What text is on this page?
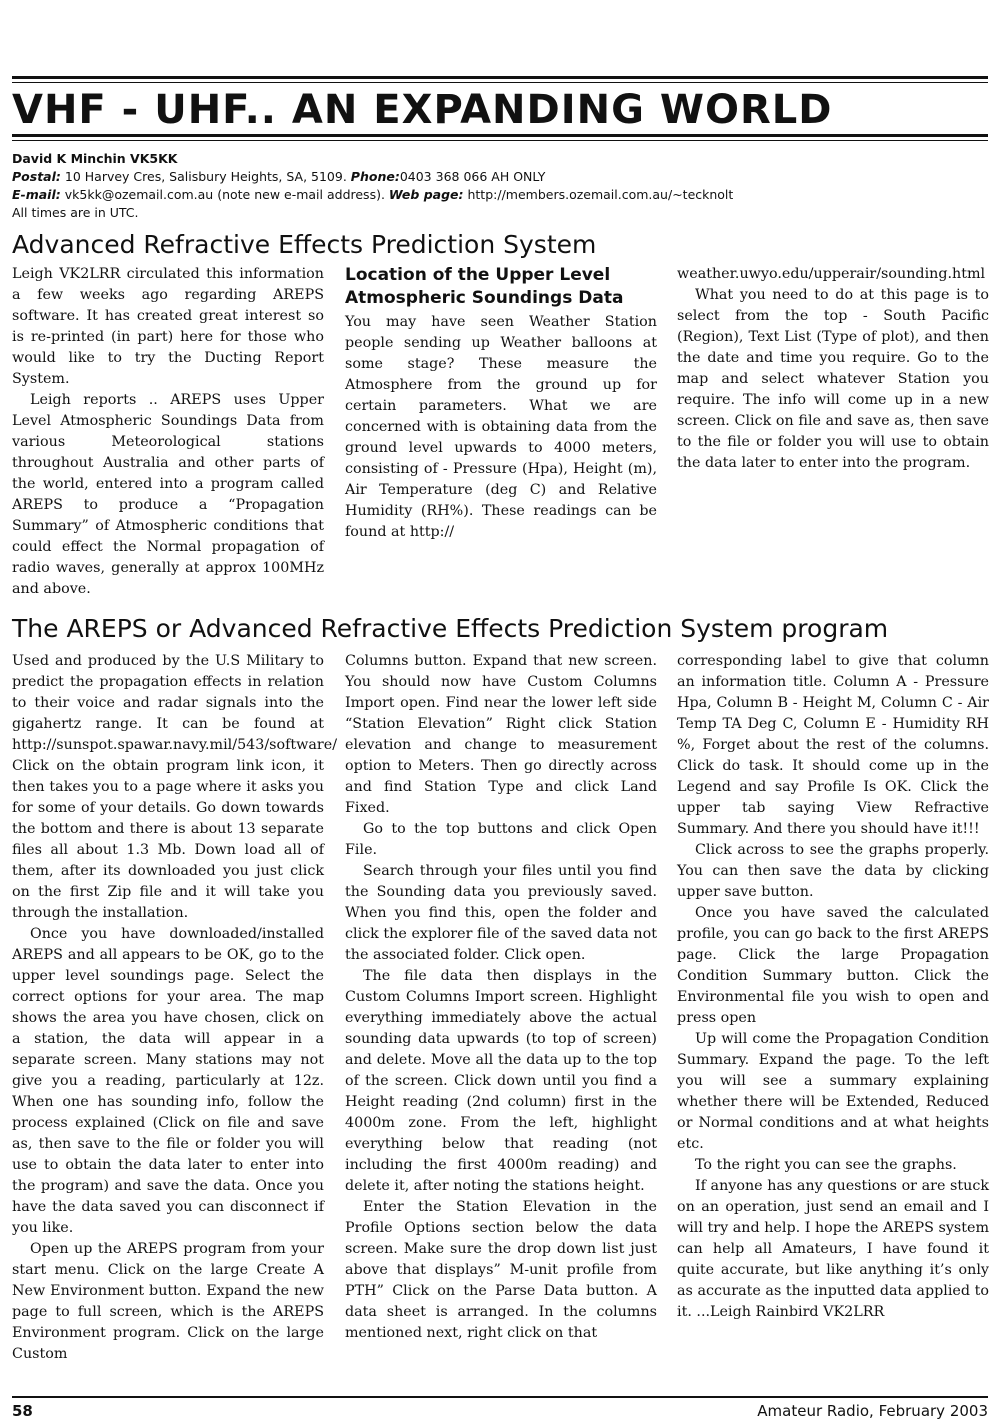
VHF - UHF.. AN EXPANDING WORLD
David K Minchin VK5KK
Postal: 10 Harvey Cres, Salisbury Heights, SA, 5109. Phone:0403 368 066 AH ONLY
E-mail: vk5kk@ozemail.com.au (note new e-mail address). Web page: http://members.ozemail.com.au/~tecknolt
All times are in UTC.
Advanced Refractive Effects Prediction System

Leigh VK2LRR circulated this information a few weeks ago regarding AREPS software. It has created great interest so is re-printed (in part) here for those who would like to try the Ducting Report System.

Leigh reports .. AREPS uses Upper Level Atmospheric Soundings Data from various Meteorological stations throughout Australia and other parts of the world, entered into a program called AREPS to produce a “Propagation Summary” of Atmospheric conditions that could effect the Normal propagation of radio waves, generally at approx 100MHz and above.

Location of the Upper Level Atmospheric Soundings Data

You may have seen Weather Station people sending up Weather balloons at some stage? These measure the Atmosphere from the ground up for certain parameters. What we are concerned with is obtaining data from the ground level upwards to 4000 meters, consisting of - Pressure (Hpa), Height (m), Air Temperature (deg C) and Relative Humidity (RH%). These readings can be found at http://

weather.uwyo.edu/upperair/sounding.html

What you need to do at this page is to select from the top - South Pacific (Region), Text List (Type of plot), and then the date and time you require. Go to the map and select whatever Station you require. The info will come up in a new screen. Click on file and save as, then save to the file or folder you will use to obtain the data later to enter into the program.

The AREPS or Advanced Refractive Effects Prediction System program

Used and produced by the U.S Military to predict the propagation effects in relation to their voice and radar signals into the gigahertz range. It can be found at http://sunspot.spawar.navy.mil/543/software/ Click on the obtain program link icon, it then takes you to a page where it asks you for some of your details. Go down towards the bottom and there is about 13 separate files all about 1.3 Mb. Down load all of them, after its downloaded you just click on the first Zip file and it will take you through the installation.

Once you have downloaded/installed AREPS and all appears to be OK, go to the upper level soundings page. Select the correct options for your area. The map shows the area you have chosen, click on a station, the data will appear in a separate screen. Many stations may not give you a reading, particularly at 12z. When one has sounding info, follow the process explained (Click on file and save as, then save to the file or folder you will use to obtain the data later to enter into the program) and save the data. Once you have the data saved you can disconnect if you like.

Open up the AREPS program from your start menu. Click on the large Create A New Environment button. Expand the new page to full screen, which is the AREPS Environment program. Click on the large Custom

Columns button. Expand that new screen. You should now have Custom Columns Import open. Find near the lower left side “Station Elevation” Right click Station elevation and change to measurement option to Meters. Then go directly across and find Station Type and click Land Fixed.

Go to the top buttons and click Open File.

Search through your files until you find the Sounding data you previously saved. When you find this, open the folder and click the explorer file of the saved data not the associated folder. Click open.

The file data then displays in the Custom Columns Import screen. Highlight everything immediately above the actual sounding data upwards (to top of screen) and delete. Move all the data up to the top of the screen. Click down until you find a Height reading (2nd column) first in the 4000m zone. From the left, highlight everything below that reading (not including the first 4000m reading) and delete it, after noting the stations height.

Enter the Station Elevation in the Profile Options section below the data screen. Make sure the drop down list just above that displays” M-unit profile from PTH” Click on the Parse Data button. A data sheet is arranged. In the columns mentioned next, right click on that

corresponding label to give that column an information title. Column A - Pressure Hpa, Column B - Height M, Column C - Air Temp TA Deg C, Column E - Humidity RH %, Forget about the rest of the columns. Click do task. It should come up in the Legend and say Profile Is OK. Click the upper tab saying View Refractive Summary. And there you should have it!!!

Click across to see the graphs properly. You can then save the data by clicking upper save button.

Once you have saved the calculated profile, you can go back to the first AREPS page. Click the large Propagation Condition Summary button. Click the Environmental file you wish to open and press open

Up will come the Propagation Condition Summary. Expand the page. To the left you will see a summary explaining whether there will be Extended, Reduced or Normal conditions and at what heights etc.

To the right you can see the graphs.

If anyone has any questions or are stuck on an operation, just send an email and I will try and help. I hope the AREPS system can help all Amateurs, I have found it quite accurate, but like anything it’s only as accurate as the inputted data applied to it. ...Leigh Rainbird VK2LRR

58	Amateur Radio, February 2003
